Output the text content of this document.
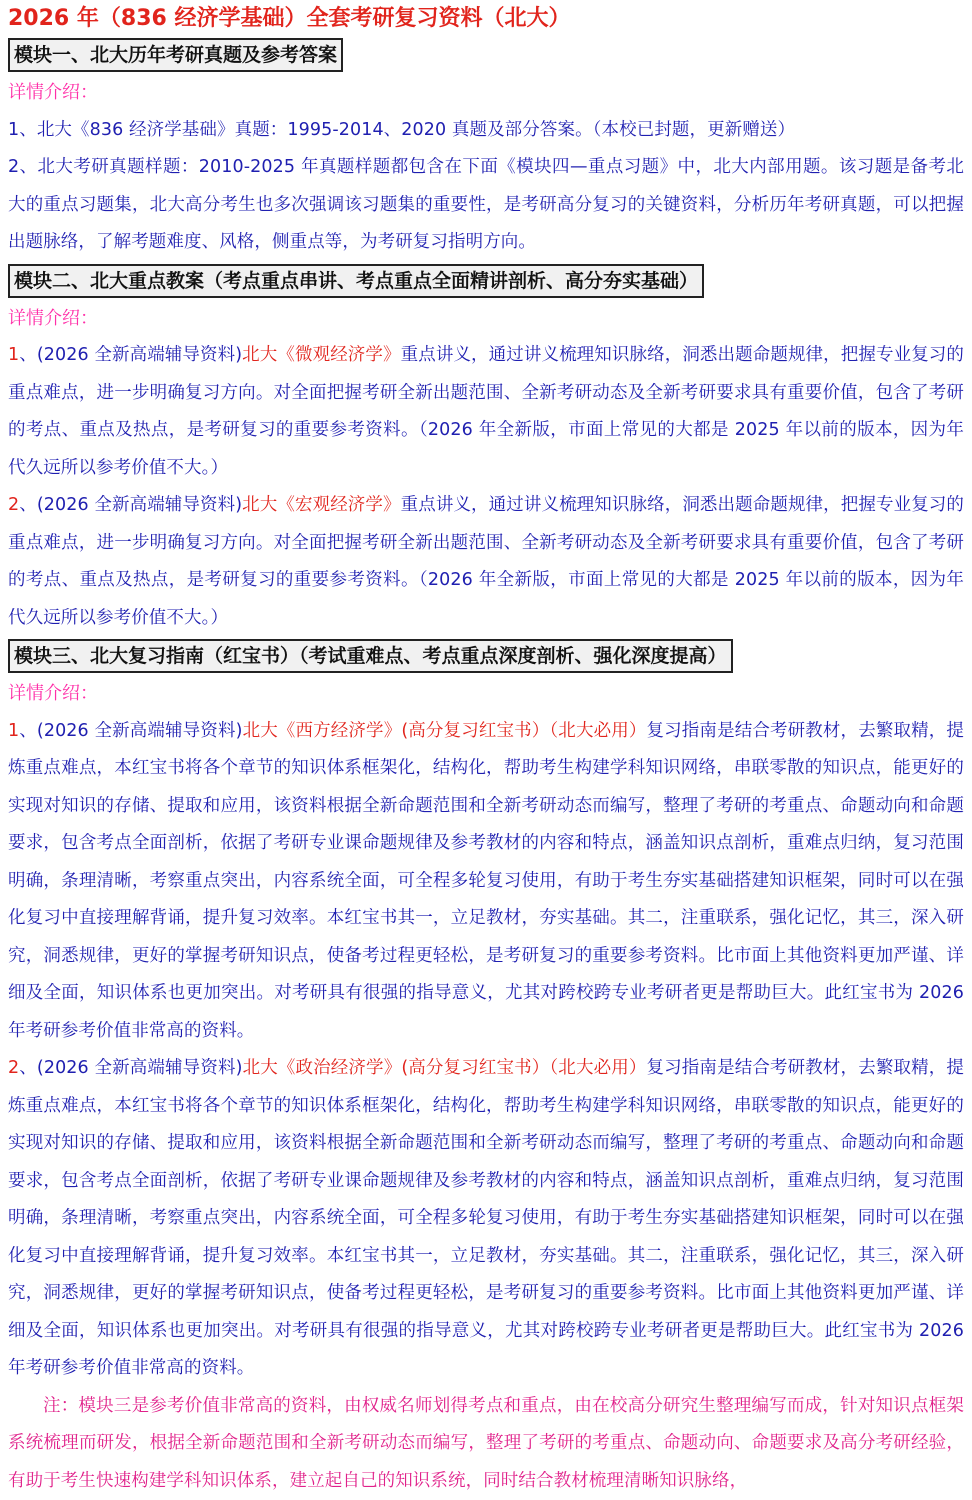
2026 年（836 经济学基础）全套考研复习资料（北大）
模块一、北大历年考研真题及参考答案
详情介绍：

1、北大《836 经济学基础》真题：1995-2014、2020 真题及部分答案。（本校已封题，更新赠送）

2、北大考研真题样题：2010-2025 年真题样题都包含在下面《模块四—重点习题》中，北大内部用题。该习题是备考北大的重点习题集，北大高分考生也多次强调该习题集的重要性，是考研高分复习的关键资料，分析历年考研真题，可以把握出题脉络，了解考题难度、风格，侧重点等，为考研复习指明方向。

模块二、北大重点教案（考点重点串讲、考点重点全面精讲剖析、高分夯实基础）
详情介绍：

1、(2026 全新高端辅导资料)北大《微观经济学》重点讲义，通过讲义梳理知识脉络，洞悉出题命题规律，把握专业复习的重点难点，进一步明确复习方向。对全面把握考研全新出题范围、全新考研动态及全新考研要求具有重要价值，包含了考研的考点、重点及热点，是考研复习的重要参考资料。（2026 年全新版，市面上常见的大都是 2025 年以前的版本，因为年代久远所以参考价值不大。）

2、(2026 全新高端辅导资料)北大《宏观经济学》重点讲义，通过讲义梳理知识脉络，洞悉出题命题规律，把握专业复习的重点难点，进一步明确复习方向。对全面把握考研全新出题范围、全新考研动态及全新考研要求具有重要价值，包含了考研的考点、重点及热点，是考研复习的重要参考资料。（2026 年全新版，市面上常见的大都是 2025 年以前的版本，因为年代久远所以参考价值不大。）

模块三、北大复习指南（红宝书）（考试重难点、考点重点深度剖析、强化深度提高）
详情介绍：

1、(2026 全新高端辅导资料)北大《西方经济学》(高分复习红宝书）（北大必用）复习指南是结合考研教材，去繁取精，提炼重点难点，本红宝书将各个章节的知识体系框架化，结构化，帮助考生构建学科知识网络，串联零散的知识点，能更好的实现对知识的存储、提取和应用，该资料根据全新命题范围和全新考研动态而编写，整理了考研的考重点、命题动向和命题要求，包含考点全面剖析，依据了考研专业课命题规律及参考教材的内容和特点，涵盖知识点剖析，重难点归纳，复习范围明确，条理清晰，考察重点突出，内容系统全面，可全程多轮复习使用，有助于考生夯实基础搭建知识框架，同时可以在强化复习中直接理解背诵，提升复习效率。本红宝书其一，立足教材，夯实基础。其二，注重联系，强化记忆，其三，深入研究，洞悉规律，更好的掌握考研知识点，使备考过程更轻松，是考研复习的重要参考资料。比市面上其他资料更加严谨、详细及全面，知识体系也更加突出。对考研具有很强的指导意义，尤其对跨校跨专业考研者更是帮助巨大。此红宝书为 2026 年考研参考价值非常高的资料。

2、(2026 全新高端辅导资料)北大《政治经济学》(高分复习红宝书）（北大必用）复习指南是结合考研教材，去繁取精，提炼重点难点，本红宝书将各个章节的知识体系框架化，结构化，帮助考生构建学科知识网络，串联零散的知识点，能更好的实现对知识的存储、提取和应用，该资料根据全新命题范围和全新考研动态而编写，整理了考研的考重点、命题动向和命题要求，包含考点全面剖析，依据了考研专业课命题规律及参考教材的内容和特点，涵盖知识点剖析，重难点归纳，复习范围明确，条理清晰，考察重点突出，内容系统全面，可全程多轮复习使用，有助于考生夯实基础搭建知识框架，同时可以在强化复习中直接理解背诵，提升复习效率。本红宝书其一，立足教材，夯实基础。其二，注重联系，强化记忆，其三，深入研究，洞悉规律，更好的掌握考研知识点，使备考过程更轻松，是考研复习的重要参考资料。比市面上其他资料更加严谨、详细及全面，知识体系也更加突出。对考研具有很强的指导意义，尤其对跨校跨专业考研者更是帮助巨大。此红宝书为 2026 年考研参考价值非常高的资料。

注：模块三是参考价值非常高的资料，由权威名师划得考点和重点，由在校高分研究生整理编写而成，针对知识点框架系统梳理而研发，根据全新命题范围和全新考研动态而编写，整理了考研的考重点、命题动向、命题要求及高分考研经验，有助于考生快速构建学科知识体系，建立起自己的知识系统，同时结合教材梳理清晰知识脉络，
